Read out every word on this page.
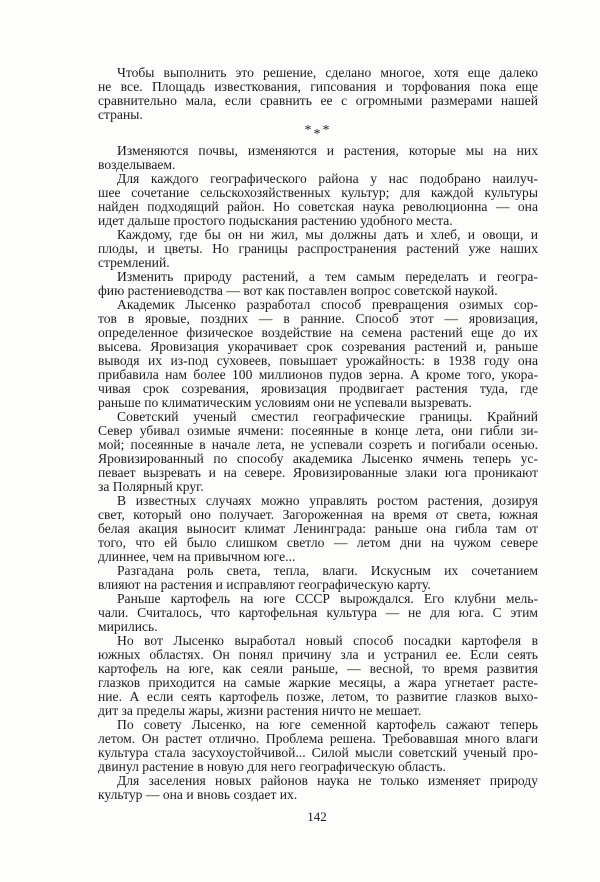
Чтобы выполнить это решение, сделано многое, хотя еще далеко
не все. Площадь известкования, гипсования и торфования пока еще
сравнительно мала, если сравнить ее с огромными размерами нашей
страны.
* * *
Изменяются почвы, изменяются и растения, которые мы на них
возделываем.
Для каждого географического района у нас подобрано наилуч-
шее сочетание сельскохозяйственных культур; для каждой культуры
найден подходящий район. Но советская наука революционна — она
идет дальше простого подыскания растению удобного места.
Каждому, где бы он ни жил, мы должны дать и хлеб, и овощи, и
плоды, и цветы. Но границы распространения растений уже наших
стремлений.
Изменить природу растений, а тем самым переделать и геогра-
фию растениеводства — вот как поставлен вопрос советской наукой.
Академик Лысенко разработал способ превращения озимых сор-
тов в яровые, поздних — в ранние. Способ этот — яровизация,
определенное физическое воздействие на семена растений еще до их
высева. Яровизация укорачивает срок созревания растений и, раньше
выводя их из-под суховеев, повышает урожайность: в 1938 году она
прибавила нам более 100 миллионов пудов зерна. А кроме того, укора-
чивая срок созревания, яровизация продвигает растения туда, где
раньше по климатическим условиям они не успевали вызревать.
Советский ученый сместил географические границы. Крайний
Север убивал озимые ячмени: посеянные в конце лета, они гибли зи-
мой; посеянные в начале лета, не успевали созреть и погибали осенью.
Яровизированный по способу академика Лысенко ячмень теперь ус-
певает вызревать и на севере. Яровизированные злаки юга проникают
за Полярный круг.
В известных случаях можно управлять ростом растения, дозируя
свет, который оно получает. Загороженная на время от света, южная
белая акация выносит климат Ленинграда: раньше она гибла там от
того, что ей было слишком светло — летом дни на чужом севере
длиннее, чем на привычном юге...
Разгадана роль света, тепла, влаги. Искусным их сочетанием
влияют на растения и исправляют географическую карту.
Раньше картофель на юге СССР вырождался. Его клубни мель-
чали. Считалось, что картофельная культура — не для юга. С этим
мирились.
Но вот Лысенко выработал новый способ посадки картофеля в
южных областях. Он понял причину зла и устранил ее. Если сеять
картофель на юге, как сеяли раньше, — весной, то время развития
глазков приходится на самые жаркие месяцы, а жара угнетает расте-
ние. А если сеять картофель позже, летом, то развитие глазков выхо-
дит за пределы жары, жизни растения ничто не мешает.
По совету Лысенко, на юге семенной картофель сажают теперь
летом. Он растет отлично. Проблема решена. Требовавшая много влаги
культура стала засухоустойчивой... Силой мысли советский ученый про-
двинул растение в новую для него географическую область.
Для заселения новых районов наука не только изменяет природу
культур — она и вновь создает их.
142
